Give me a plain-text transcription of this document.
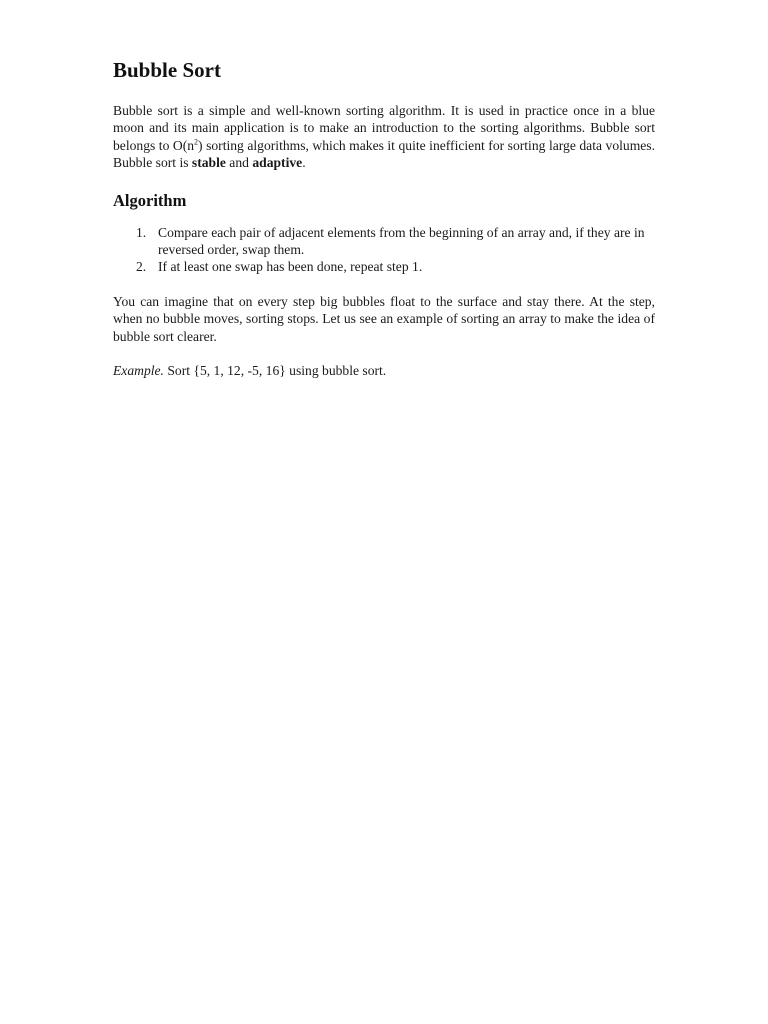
Bubble Sort

Bubble sort is a simple and well-known sorting algorithm. It is used in practice once in a blue moon and its main application is to make an introduction to the sorting algorithms. Bubble sort belongs to $O(n^2)$ sorting algorithms, which makes it quite inefficient for sorting large data volumes. Bubble sort is stable and adaptive.

Algorithm
1. Compare each pair of adjacent elements from the beginning of an array and, if they are in reversed order, swap them.
2. If at least one swap has been done, repeat step 1.

You can imagine that on every step big bubbles float to the surface and stay there. At the step, when no bubble moves, sorting stops. Let us see an example of sorting an array to make the idea of bubble sort clearer.

Example. Sort {5, 1, 12, -5, 16} using bubble sort.
